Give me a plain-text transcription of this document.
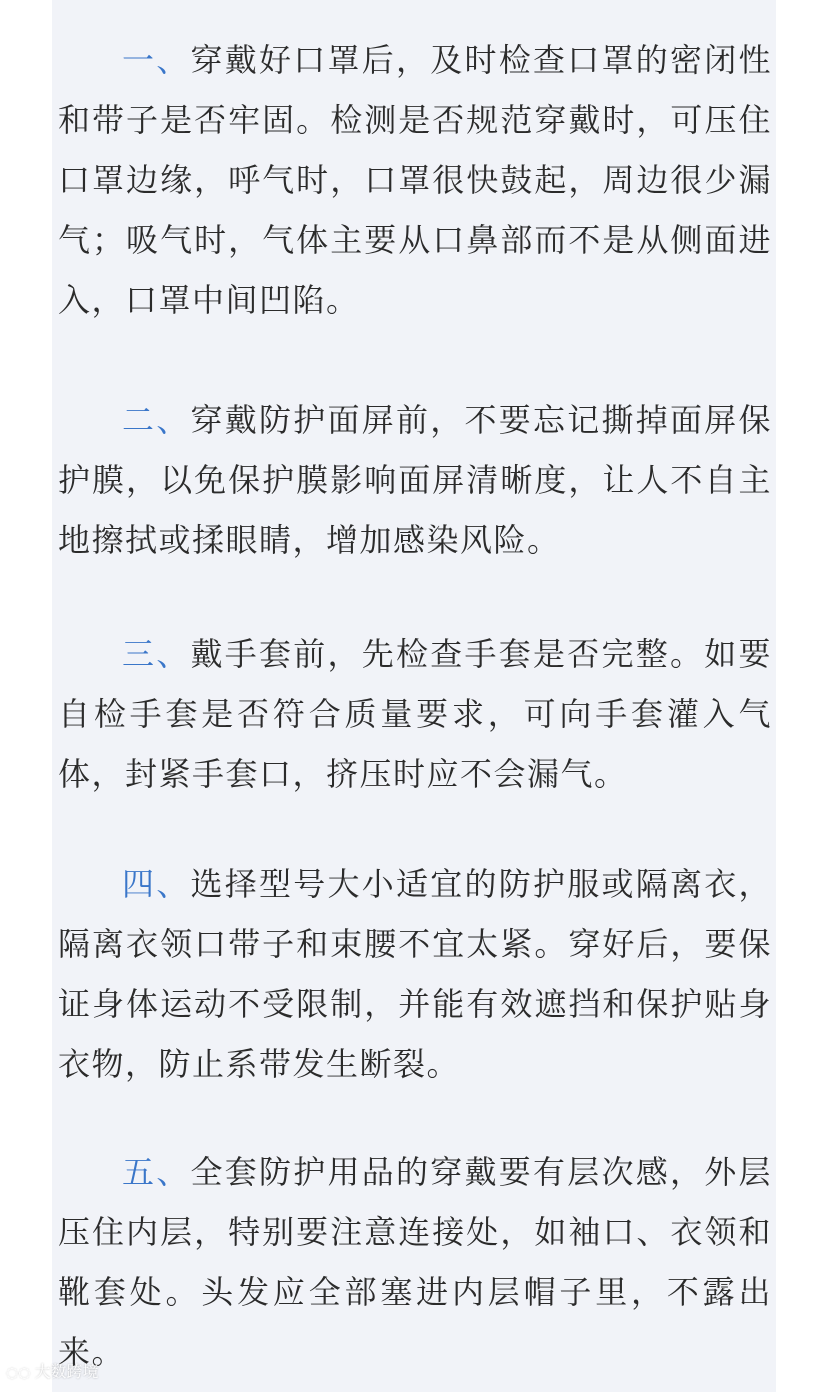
一、穿戴好口罩后，及时检查口罩的密闭性和带子是否牢固。检测是否规范穿戴时，可压住口罩边缘，呼气时，口罩很快鼓起，周边很少漏气；吸气时，气体主要从口鼻部而不是从侧面进入，口罩中间凹陷。

二、穿戴防护面屏前，不要忘记撕掉面屏保护膜，以免保护膜影响面屏清晰度，让人不自主地擦拭或揉眼睛，增加感染风险。

三、戴手套前，先检查手套是否完整。如要自检手套是否符合质量要求，可向手套灌入气体，封紧手套口，挤压时应不会漏气。

四、选择型号大小适宜的防护服或隔离衣，隔离衣领口带子和束腰不宜太紧。穿好后，要保证身体运动不受限制，并能有效遮挡和保护贴身衣物，防止系带发生断裂。

五、全套防护用品的穿戴要有层次感，外层压住内层，特别要注意连接处，如袖口、衣领和靴套处。头发应全部塞进内层帽子里，不露出来。

◌◌ 大数跨境
